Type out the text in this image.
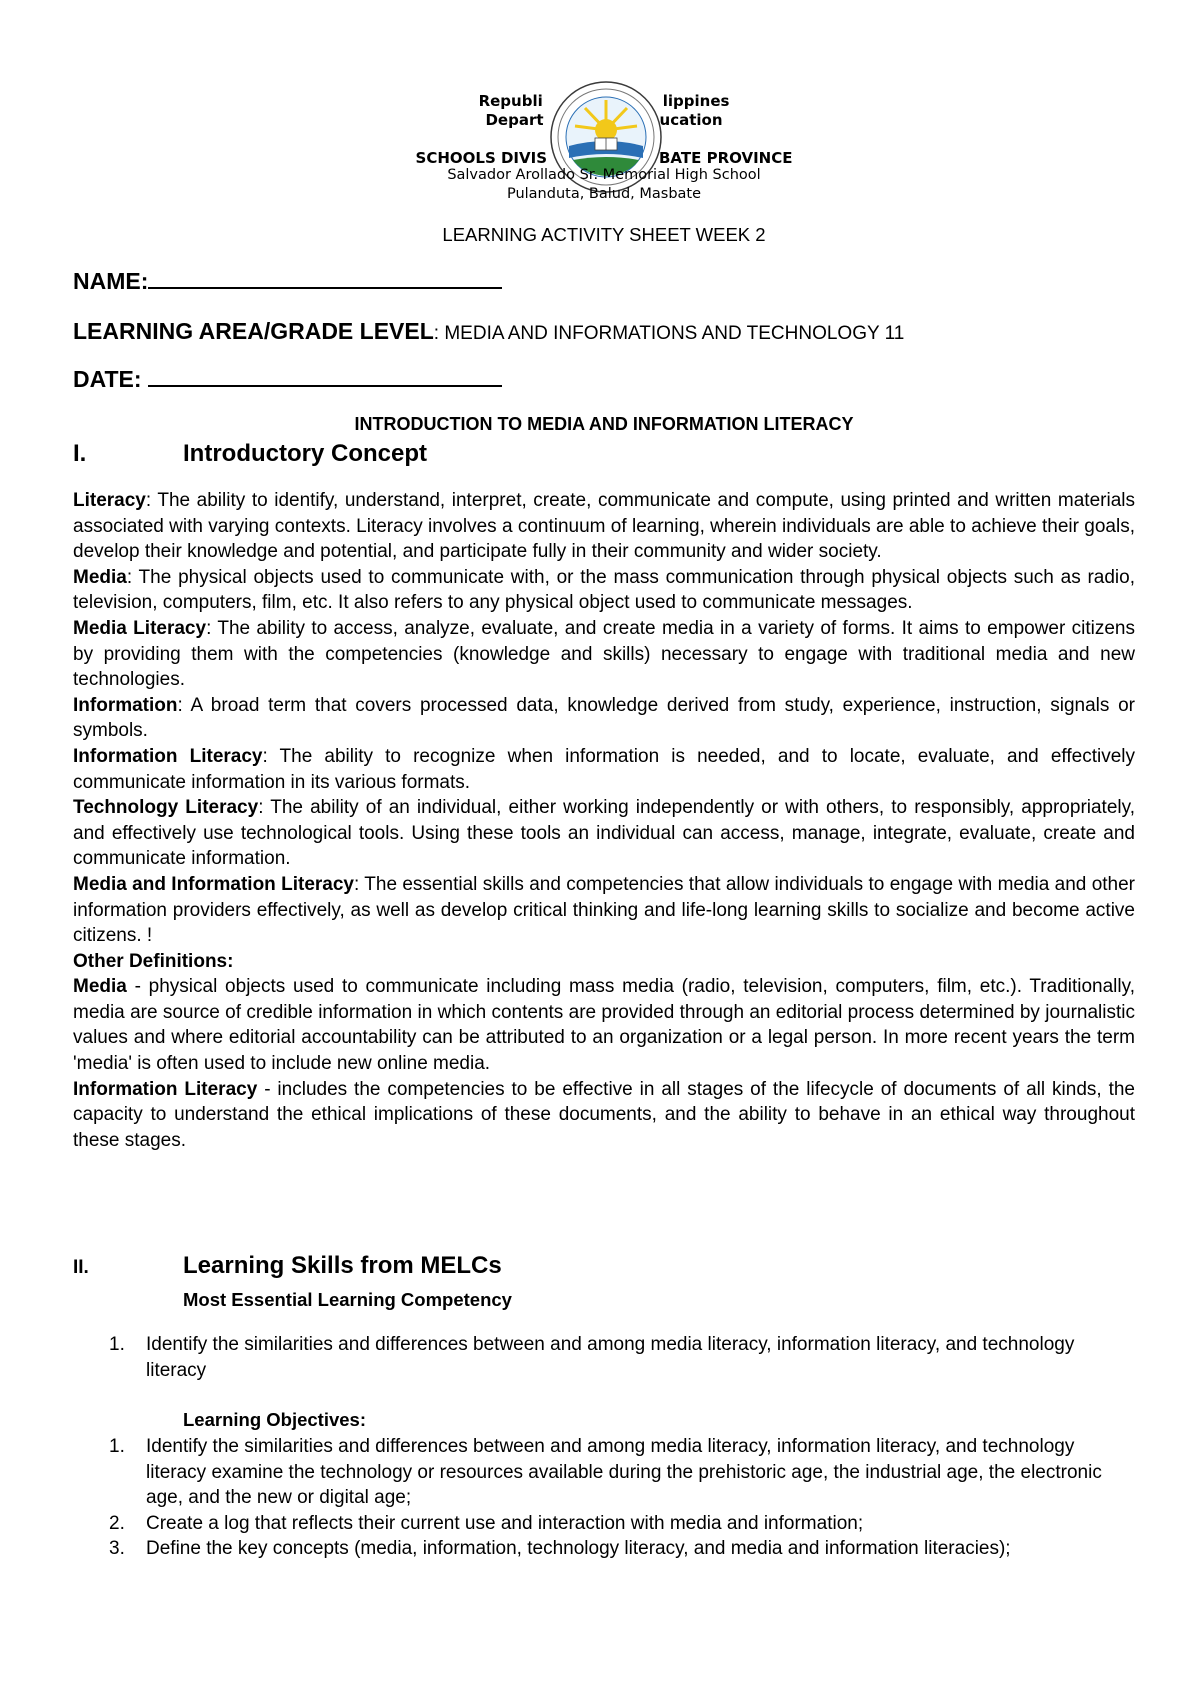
Republi	lippines
Depart	ucation
SCHOOLS DIVIS	BATE PROVINCE
Salvador Arollado Sr. Memorial High School
Pulanduta, Balud, Masbate
LEARNING ACTIVITY SHEET WEEK 2
NAME:
LEARNING AREA/GRADE LEVEL: MEDIA AND INFORMATIONS AND TECHNOLOGY 11
DATE:
INTRODUCTION TO MEDIA AND INFORMATION LITERACY
I.	Introductory Concept

Literacy: The ability to identify, understand, interpret, create, communicate and compute, using printed and written materials associated with varying contexts. Literacy involves a continuum of learning, wherein individuals are able to achieve their goals, develop their knowledge and potential, and participate fully in their community and wider society.

Media: The physical objects used to communicate with, or the mass communication through physical objects such as radio, television, computers, film, etc. It also refers to any physical object used to communicate messages.

Media Literacy: The ability to access, analyze, evaluate, and create media in a variety of forms. It aims to empower citizens by providing them with the competencies (knowledge and skills) necessary to engage with traditional media and new technologies.

Information: A broad term that covers processed data, knowledge derived from study, experience, instruction, signals or symbols.

Information Literacy: The ability to recognize when information is needed, and to locate, evaluate, and effectively communicate information in its various formats.

Technology Literacy: The ability of an individual, either working independently or with others, to responsibly, appropriately, and effectively use technological tools. Using these tools an individual can access, manage, integrate, evaluate, create and communicate information.

Media and Information Literacy: The essential skills and competencies that allow individuals to engage with media and other information providers effectively, as well as develop critical thinking and life-long learning skills to socialize and become active citizens. !

Other Definitions:

Media - physical objects used to communicate including mass media (radio, television, computers, film, etc.). Traditionally, media are source of credible information in which contents are provided through an editorial process determined by journalistic values and where editorial accountability can be attributed to an organization or a legal person. In more recent years the term 'media' is often used to include new online media.

Information Literacy - includes the competencies to be effective in all stages of the lifecycle of documents of all kinds, the capacity to understand the ethical implications of these documents, and the ability to behave in an ethical way throughout these stages.

II.	Learning Skills from MELCs
Most Essential Learning Competency
1. Identify the similarities and differences between and among media literacy, information literacy, and technology literacy
Learning Objectives:
1. Identify the similarities and differences between and among media literacy, information literacy, and technology literacy examine the technology or resources available during the prehistoric age, the industrial age, the electronic age, and the new or digital age;
2. Create a log that reflects their current use and interaction with media and information;
3. Define the key concepts (media, information, technology literacy, and media and information literacies);
